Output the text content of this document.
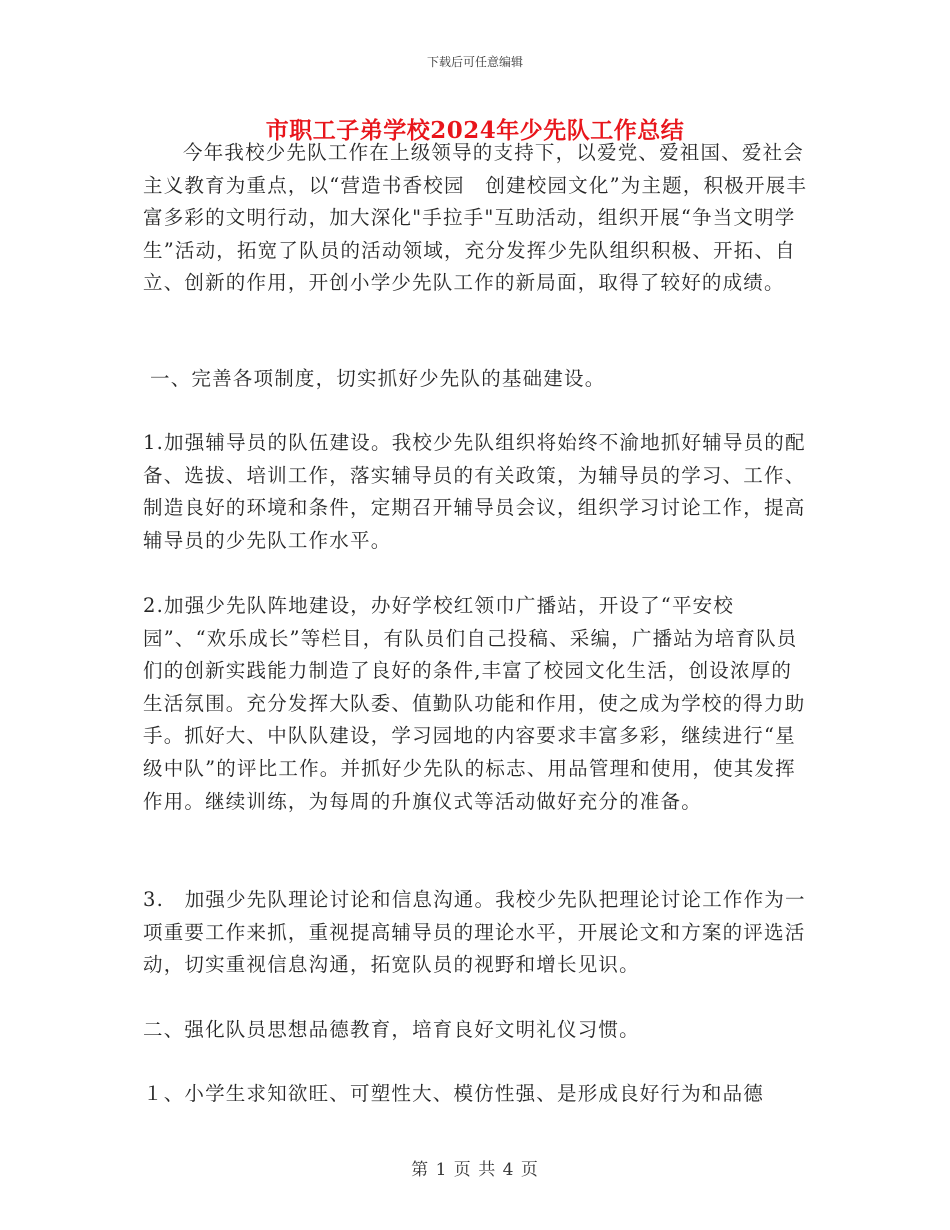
下载后可任意编辑
市职工子弟学校2024年少先队工作总结

今年我校少先队工作在上级领导的支持下，以爱党、爱祖国、爱社会主义教育为重点，以“营造书香校园　创建校园文化”为主题，积极开展丰富多彩的文明行动，加大深化"手拉手"互助活动，组织开展“争当文明学生”活动，拓宽了队员的活动领域，充分发挥少先队组织积极、开拓、自立、创新的作用，开创小学少先队工作的新局面，取得了较好的成绩。

一、完善各项制度，切实抓好少先队的基础建设。

1.加强辅导员的队伍建设。我校少先队组织将始终不渝地抓好辅导员的配备、选拔、培训工作，落实辅导员的有关政策，为辅导员的学习、工作、制造良好的环境和条件，定期召开辅导员会议，组织学习讨论工作，提高辅导员的少先队工作水平。

2.加强少先队阵地建设，办好学校红领巾广播站，开设了“平安校园”、“欢乐成长”等栏目，有队员们自己投稿、采编，广播站为培育队员们的创新实践能力制造了良好的条件,丰富了校园文化生活，创设浓厚的生活氛围。充分发挥大队委、值勤队功能和作用，使之成为学校的得力助手。抓好大、中队队建设，学习园地的内容要求丰富多彩，继续进行“星级中队”的评比工作。并抓好少先队的标志、用品管理和使用，使其发挥作用。继续训练，为每周的升旗仪式等活动做好充分的准备。

3.　加强少先队理论讨论和信息沟通。我校少先队把理论讨论工作作为一项重要工作来抓，重视提高辅导员的理论水平，开展论文和方案的评选活动，切实重视信息沟通，拓宽队员的视野和增长见识。

二、强化队员思想品德教育，培育良好文明礼仪习惯。

１、小学生求知欲旺、可塑性大、模仿性强、是形成良好行为和品德

第 1 页 共 4 页
